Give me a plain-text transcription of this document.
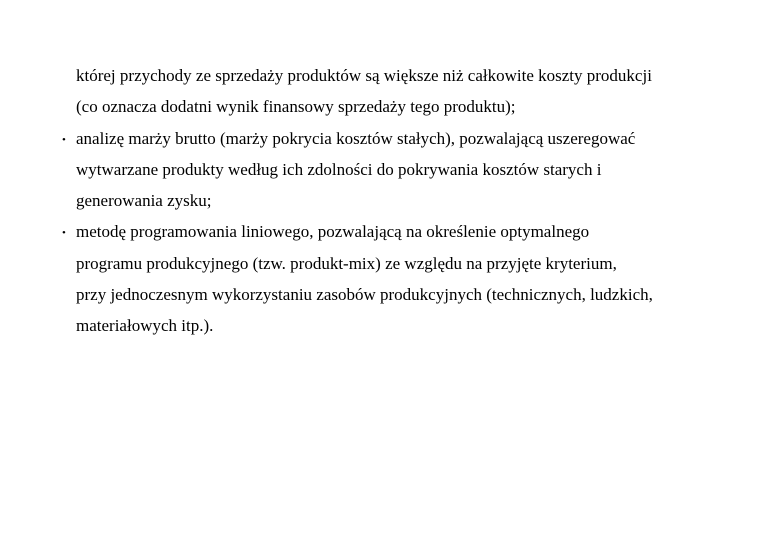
której przychody ze sprzedaży produktów są większe niż całkowite koszty produkcji
(co oznacza dodatni wynik finansowy sprzedaży tego produktu);
• analizę marży brutto (marży pokrycia kosztów stałych), pozwalającą uszeregować
wytwarzane produkty według ich zdolności do pokrywania kosztów starych i
generowania zysku;
• metodę programowania liniowego, pozwalającą na określenie optymalnego
programu produkcyjnego (tzw. produkt-mix) ze względu na przyjęte kryterium,
przy jednoczesnym wykorzystaniu zasobów produkcyjnych (technicznych, ludzkich,
materiałowych itp.).
